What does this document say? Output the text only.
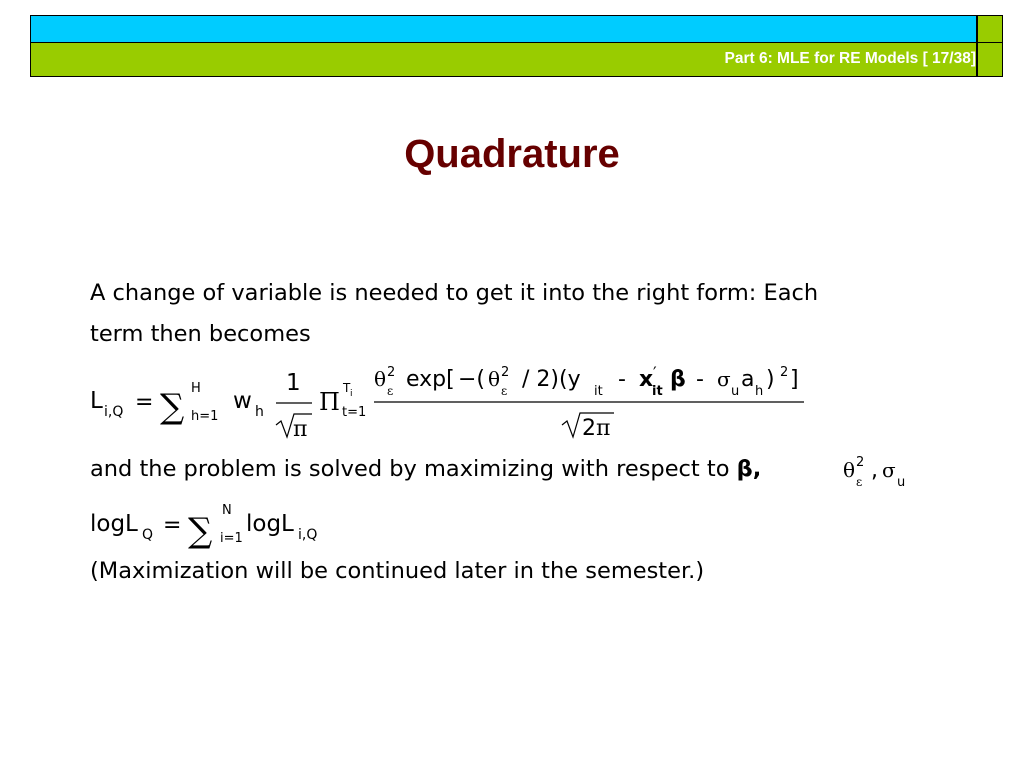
Part 6: MLE for RE Models [ 17/38]
Quadrature
A change of variable is needed to get it into the right form: Each
term then becomes
and the problem is solved by maximizing with respect to β,
(Maximization will be continued later in the semester.)
L i,Q = ∑ H
h=1
w h
1
π
Π T i
t=1
θ 2
ε exp[ −( θ 2
ε / 2)(y it - x ′
it β - σ
u a h ) 2 ]
2 π
θ 2
ε , σ
u
logL Q = ∑
N
i=1
logL i,Q
